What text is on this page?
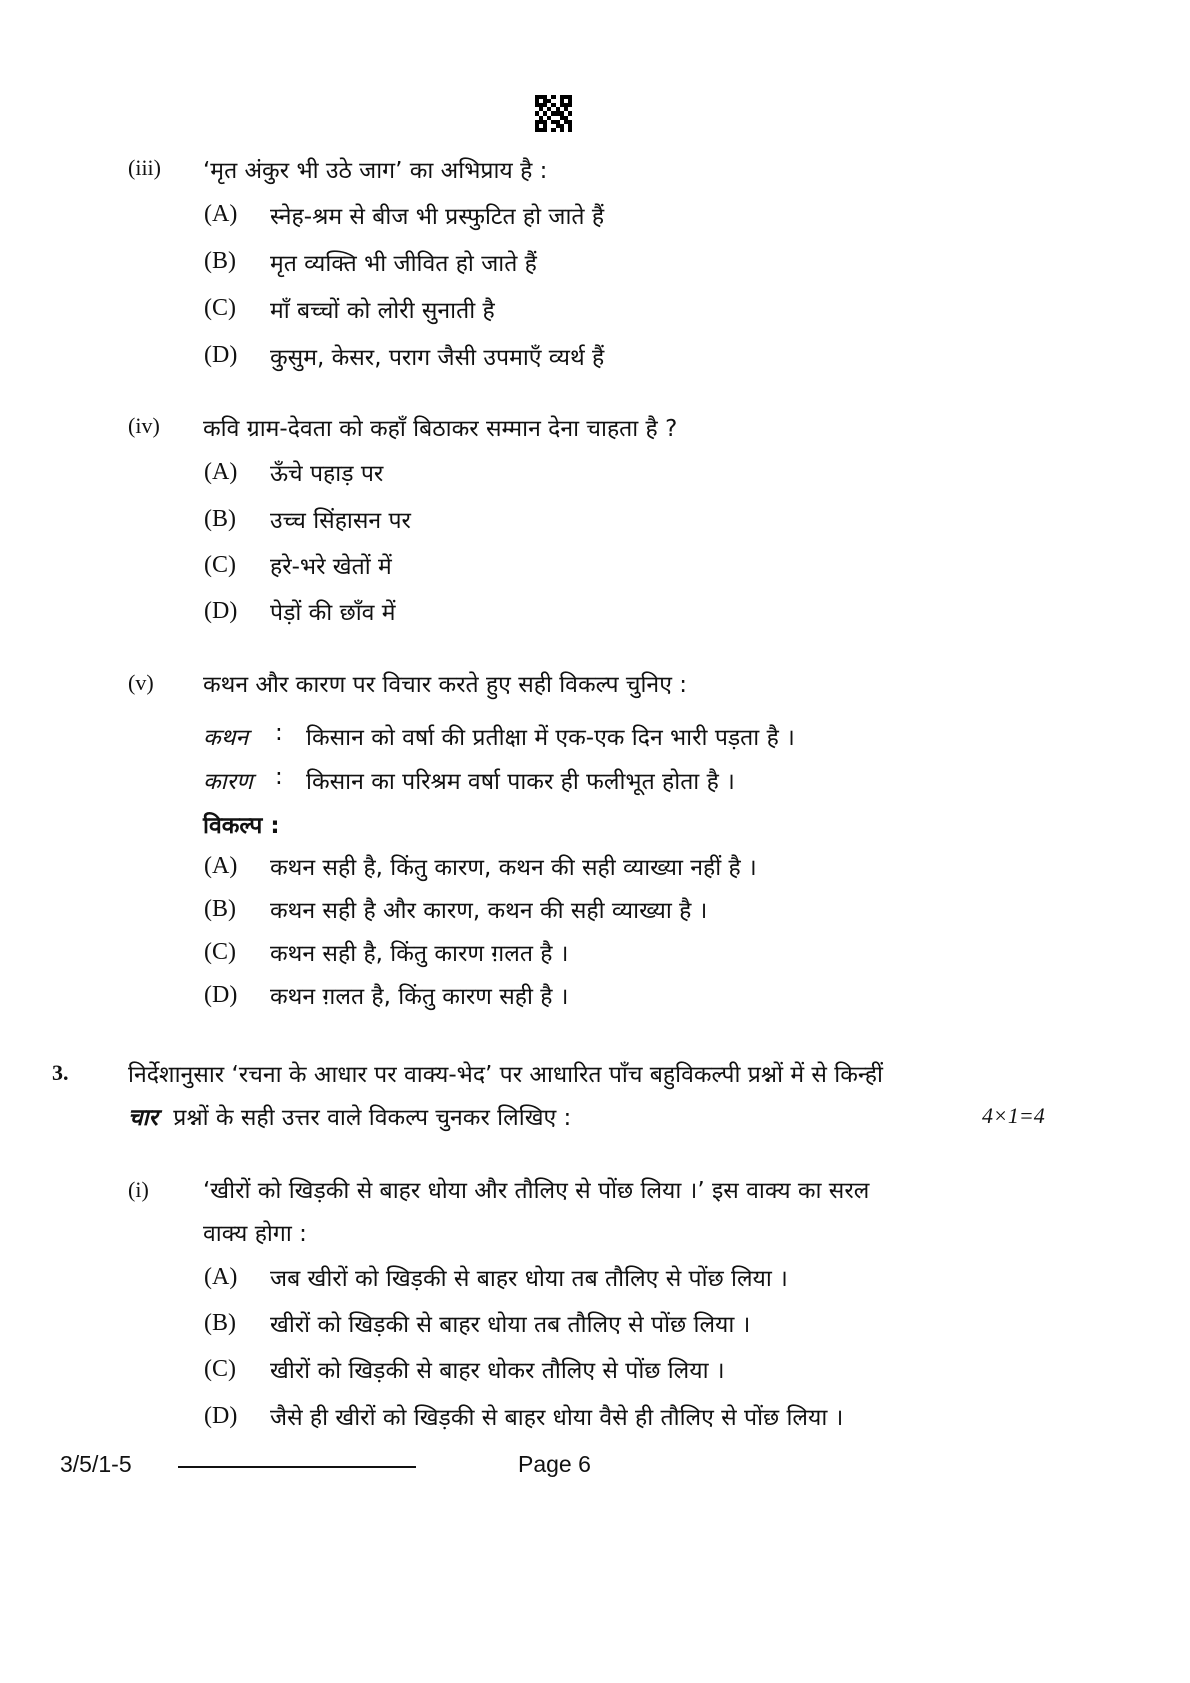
(iii) ‘मृत अंकुर भी उठे जाग’ का अभिप्राय है :
(A) स्नेह-श्रम से बीज भी प्रस्फुटित हो जाते हैं
(B) मृत व्यक्ति भी जीवित हो जाते हैं
(C) माँ बच्चों को लोरी सुनाती है
(D) कुसुम, केसर, पराग जैसी उपमाएँ व्यर्थ हैं
(iv) कवि ग्राम-देवता को कहाँ बिठाकर सम्मान देना चाहता है ?
(A) ऊँचे पहाड़ पर
(B) उच्च सिंहासन पर
(C) हरे-भरे खेतों में
(D) पेड़ों की छाँव में
(v) कथन और कारण पर विचार करते हुए सही विकल्प चुनिए :
कथन : किसान को वर्षा की प्रतीक्षा में एक-एक दिन भारी पड़ता है ।
कारण : किसान का परिश्रम वर्षा पाकर ही फलीभूत होता है ।
विकल्प :
(A) कथन सही है, किंतु कारण, कथन की सही व्याख्या नहीं है ।
(B) कथन सही है और कारण, कथन की सही व्याख्या है ।
(C) कथन सही है, किंतु कारण ग़लत है ।
(D) कथन ग़लत है, किंतु कारण सही है ।
3.	निर्देशानुसार ‘रचना के आधार पर वाक्य-भेद’ पर आधारित पाँच बहुविकल्पी प्रश्नों में से किन्हीं
चार प्रश्नों के सही उत्तर वाले विकल्प चुनकर लिखिए :	4×1=4
(i) ‘खीरों को खिड़की से बाहर धोया और तौलिए से पोंछ लिया ।’ इस वाक्य का सरल
वाक्य होगा :
(A) जब खीरों को खिड़की से बाहर धोया तब तौलिए से पोंछ लिया ।
(B) खीरों को खिड़की से बाहर धोया तब तौलिए से पोंछ लिया ।
(C) खीरों को खिड़की से बाहर धोकर तौलिए से पोंछ लिया ।
(D) जैसे ही खीरों को खिड़की से बाहर धोया वैसे ही तौलिए से पोंछ लिया ।
3/5/1-5	Page 6
